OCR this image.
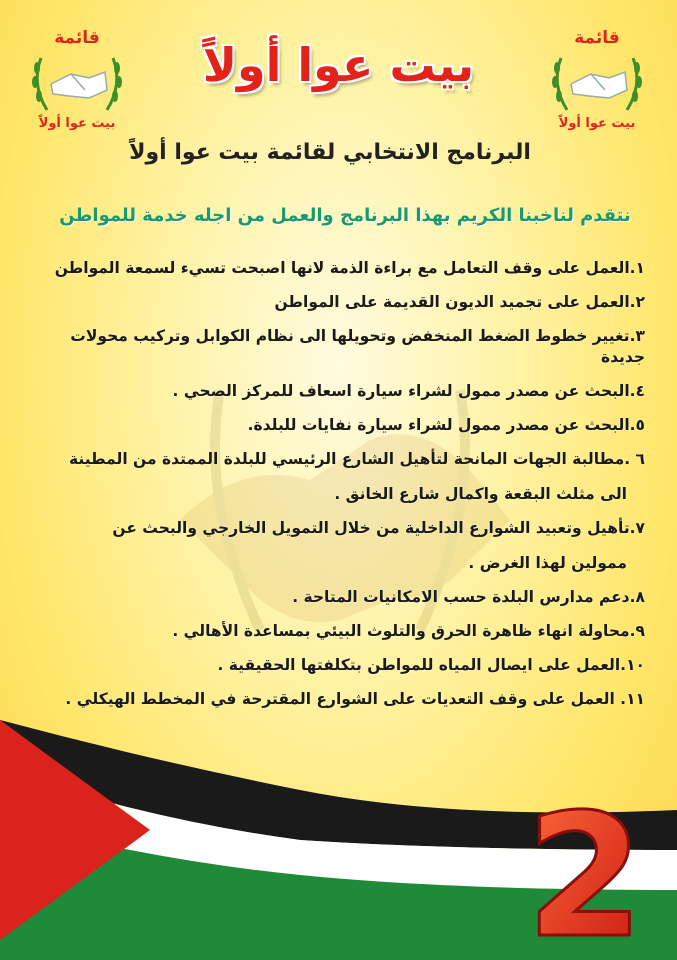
قائمة
بيت عوا أولاً
قائمة
بيت عوا أولاً
بيت عوا أولاً
البرنامج الانتخابي لقائمة بيت عوا أولاً
نتقدم لناخبنا الكريم بهذا البرنامج والعمل من اجله خدمة للمواطن
١.العمل على وقف التعامل مع براءة الذمة لانها اصبحت تسيء لسمعة المواطن
٢.العمل على تجميد الديون القديمة على المواطن
٣.تغيير خطوط الضغط المنخفض وتحويلها الى نظام الكوابل وتركيب محولات جديدة
٤.البحث عن مصدر ممول لشراء سيارة اسعاف للمركز الصحي .
٥.البحث عن مصدر ممول لشراء سيارة نفايات للبلدة.
٦ .مطالبة الجهات المانحة لتأهيل الشارع الرئيسي للبلدة الممتدة من المطينة
الى مثلث البقعة واكمال شارع الخانق .
٧.تأهيل وتعبيد الشوارع الداخلية من خلال التمويل الخارجي والبحث عن
ممولين لهذا الغرض .
٨.دعم مدارس البلدة حسب الامكانيات المتاحة .
٩.محاولة انهاء ظاهرة الحرق والتلوث البيئي بمساعدة الأهالي .
١٠.العمل على ايصال المياه للمواطن بتكلفتها الحقيقية .
١١. العمل على وقف التعديات على الشوارع المقترحة في المخطط الهيكلي .
2
